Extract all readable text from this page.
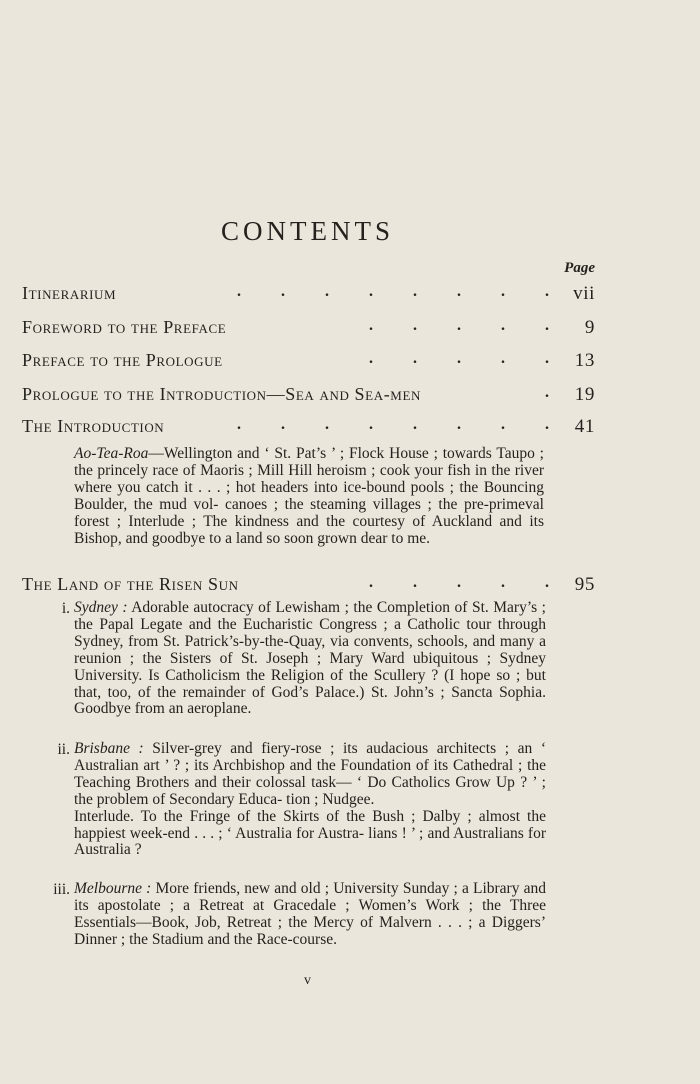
CONTENTS
Page
Itinerarium	.	.	.	.	.	.	.	.	vii
Foreword to the Preface	.	.	.	.	.	9
Preface to the Prologue	.	.	.	.	.	13
Prologue to the Introduction—Sea and Sea-men	.	19
The Introduction	.	.	.	.	.	.	.	.	41
Ao-Tea-Roa—Wellington and ‘ St. Pat’s ’ ; Flock House ; towards Taupo ; the princely race of Maoris ; Mill Hill heroism ; cook your fish in the river where you catch it . . . ; hot headers into ice-bound pools ; the Bouncing Boulder, the mud vol- canoes ; the steaming villages ; the pre-primeval forest ; Interlude ; The kindness and the courtesy of Auckland and its Bishop, and goodbye to a land so soon grown dear to me.
The Land of the Risen Sun	.	.	.	.	.	95
i. Sydney : Adorable autocracy of Lewisham ; the Completion of St. Mary’s ; the Papal Legate and the Eucharistic Congress ; a Catholic tour through Sydney, from St. Patrick’s-by-the-Quay, via convents, schools, and many a reunion ; the Sisters of St. Joseph ; Mary Ward ubiquitous ; Sydney University. Is Catholicism the Religion of the Scullery ? (I hope so ; but that, too, of the remainder of God’s Palace.) St. John’s ; Sancta Sophia. Goodbye from an aeroplane.
ii. Brisbane : Silver-grey and fiery-rose ; its audacious architects ; an ‘ Australian art ’ ? ; its Archbishop and the Foundation of its Cathedral ; the Teaching Brothers and their colossal task— ‘ Do Catholics Grow Up ? ’ ; the problem of Secondary Educa- tion ; Nudgee.
Interlude. To the Fringe of the Skirts of the Bush ; Dalby ; almost the happiest week-end . . . ; ‘ Australia for Austra- lians ! ’ ; and Australians for Australia ?
iii. Melbourne : More friends, new and old ; University Sunday ; a Library and its apostolate ; a Retreat at Gracedale ; Women’s Work ; the Three Essentials—Book, Job, Retreat ; the Mercy of Malvern . . . ; a Diggers’ Dinner ; the Stadium and the Race-course.
v
